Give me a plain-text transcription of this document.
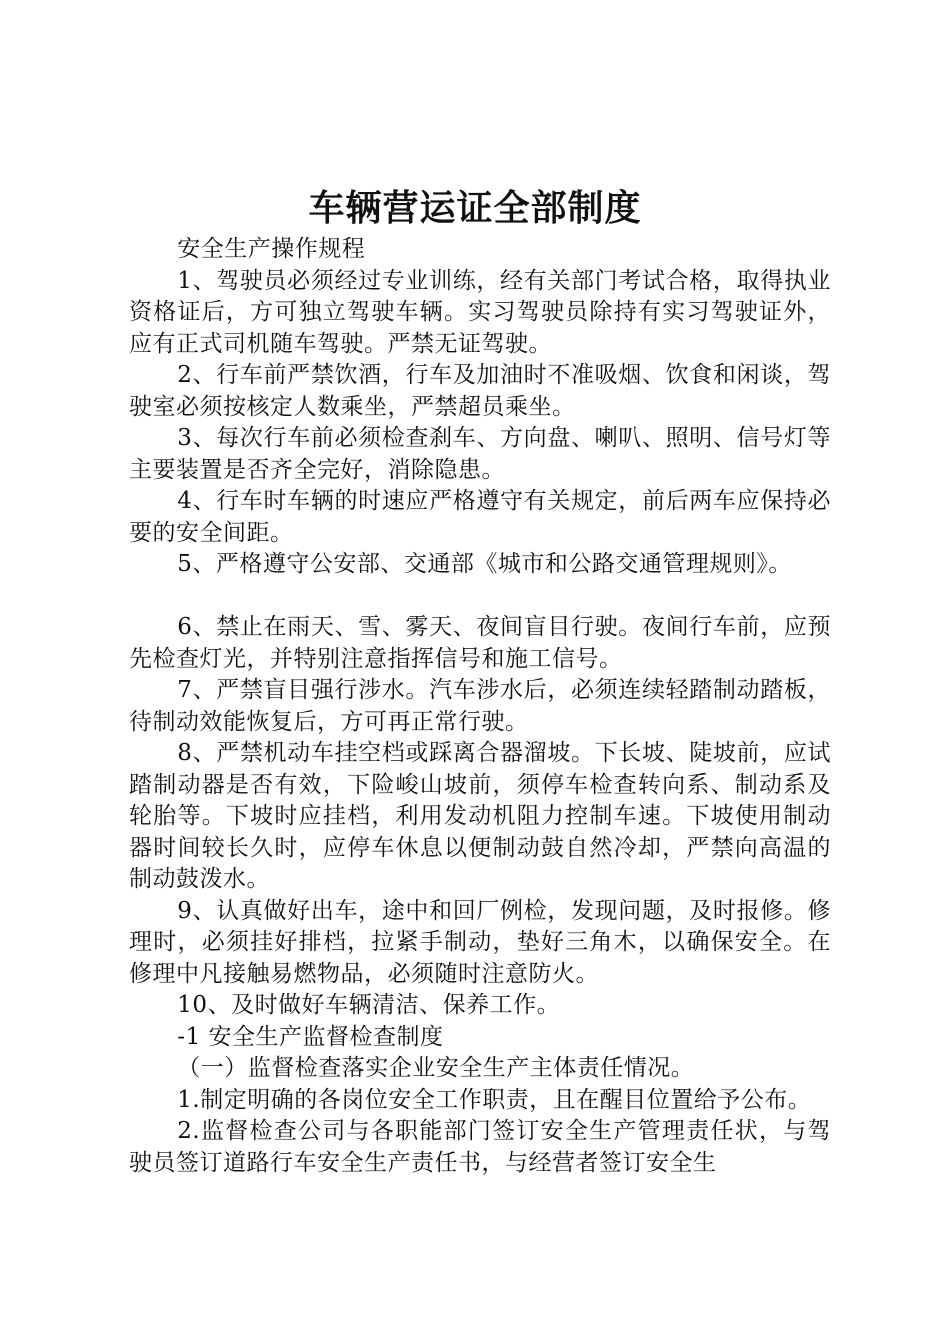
车辆营运证全部制度

安全生产操作规程

1、驾驶员必须经过专业训练，经有关部门考试合格，取得执业资格证后，方可独立驾驶车辆。实习驾驶员除持有实习驾驶证外，应有正式司机随车驾驶。严禁无证驾驶。

2、行车前严禁饮酒，行车及加油时不准吸烟、饮食和闲谈，驾驶室必须按核定人数乘坐，严禁超员乘坐。

3、每次行车前必须检查刹车、方向盘、喇叭、照明、信号灯等主要装置是否齐全完好，消除隐患。

4、行车时车辆的时速应严格遵守有关规定，前后两车应保持必要的安全间距。

5、严格遵守公安部、交通部《城市和公路交通管理规则》。

6、禁止在雨天、雪、雾天、夜间盲目行驶。夜间行车前，应预先检查灯光，并特别注意指挥信号和施工信号。

7、严禁盲目强行涉水。汽车涉水后，必须连续轻踏制动踏板，待制动效能恢复后，方可再正常行驶。

8、严禁机动车挂空档或踩离合器溜坡。下长坡、陡坡前，应试踏制动器是否有效，下险峻山坡前，须停车检查转向系、制动系及轮胎等。下坡时应挂档，利用发动机阻力控制车速。下坡使用制动器时间较长久时，应停车休息以便制动鼓自然冷却，严禁向高温的制动鼓泼水。

9、认真做好出车，途中和回厂例检，发现问题，及时报修。修理时，必须挂好排档，拉紧手制动，垫好三角木，以确保安全。在修理中凡接触易燃物品，必须随时注意防火。

10、及时做好车辆清洁、保养工作。

-1 安全生产监督检查制度

（一）监督检查落实企业安全生产主体责任情况。

1.制定明确的各岗位安全工作职责，且在醒目位置给予公布。

2.监督检查公司与各职能部门签订安全生产管理责任状，与驾驶员签订道路行车安全生产责任书，与经营者签订安全生
